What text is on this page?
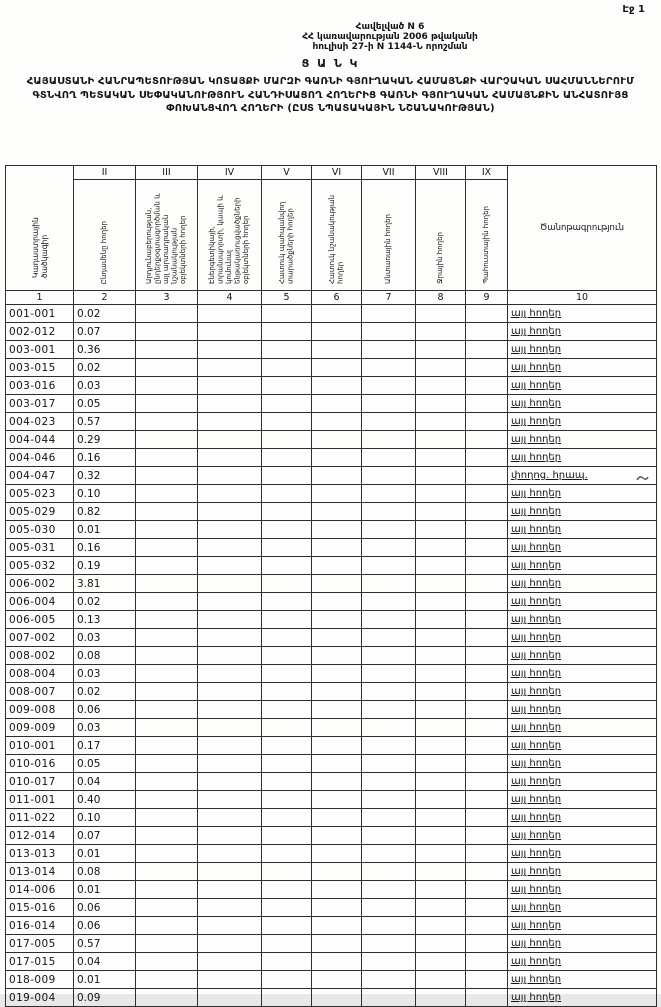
Էջ 1
Հավելված N 6
ՀՀ կառավարության 2006 թվականի
հուլիսի 27-ի N 1144-Ն որոշման
Ց Ա Ն Կ
ՀԱՅԱՍՏԱՆԻ ՀԱՆՐԱՊԵՏՈՒԹՅԱՆ ԿՈՏԱՅՔԻ ՄԱՐԶԻ ԳԱՌՆԻ ԳՅՈՒՂԱԿԱՆ ՀԱՄԱՅՆՔԻ ՎԱՐՉԱԿԱՆ ՍԱՀՄԱՆՆԵՐՈՒՄ ԳՏՆՎՈՂ ՊԵՏԱԿԱՆ ՍԵՓԱԿԱՆՈՒԹՅՈՒՆ ՀԱՆԴԻՍԱՑՈՂ ՀՈՂԵՐԻՑ ԳԱՌՆԻ ԳՅՈՒՂԱԿԱՆ ՀԱՄԱՅՆՔԻՆ ԱՆՀԱՏՈՒՅՑ ՓՈԽԱՆՑՎՈՂ ՀՈՂԵՐԻ (ԸՍՏ ՆՊԱՏԱԿԱՅԻՆ ՆՇԱՆԱԿՈՒԹՅԱՆ)
Կադաստրային ծածկագիր	II	III	IV	V	VI	VII	VIII	IX	Ծանոթագրություն
	Ընդամենը հողեր	Արդյունաբերության, ընդերքօգտագործման և այլ արտադրական նշանակության օբյեկտների հողեր	Էներգետիկայի, տրանսպորտի, կապի և կոմունալ ենթակառուցվածքների օբյեկտների հողեր	Հատուկ պահպանվող տարածքների հողեր	Հատուկ նշանակության հողեր	Անտառային հողեր	Ջրային հողեր	Պահուստային հողեր	
1	2	3	4	5	6	7	8	9	10
001-001	0.02								այլ հողեր
002-012	0.07								այլ հողեր
003-001	0.36								այլ հողեր
003-015	0.02								այլ հողեր
003-016	0.03								այլ հողեր
003-017	0.05								այլ հողեր
004-023	0.57								այլ հողեր
004-044	0.29								այլ հողեր
004-046	0.16								այլ հողեր
004-047	0.32								փողոց. հրապ.
005-023	0.10								այլ հողեր
005-029	0.82								այլ հողեր
005-030	0.01								այլ հողեր
005-031	0.16								այլ հողեր
005-032	0.19								այլ հողեր
006-002	3.81								այլ հողեր
006-004	0.02								այլ հողեր
006-005	0.13								այլ հողեր
007-002	0.03								այլ հողեր
008-002	0.08								այլ հողեր
008-004	0.03								այլ հողեր
008-007	0.02								այլ հողեր
009-008	0.06								այլ հողեր
009-009	0.03								այլ հողեր
010-001	0.17								այլ հողեր
010-016	0.05								այլ հողեր
010-017	0.04								այլ հողեր
011-001	0.40								այլ հողեր
011-022	0.10								այլ հողեր
012-014	0.07								այլ հողեր
013-013	0.01								այլ հողեր
013-014	0.08								այլ հողեր
014-006	0.01								այլ հողեր
015-016	0.06								այլ հողեր
016-014	0.06								այլ հողեր
017-005	0.57								այլ հողեր
017-015	0.04								այլ հողեր
018-009	0.01								այլ հողեր
019-004	0.09								այլ հողեր
